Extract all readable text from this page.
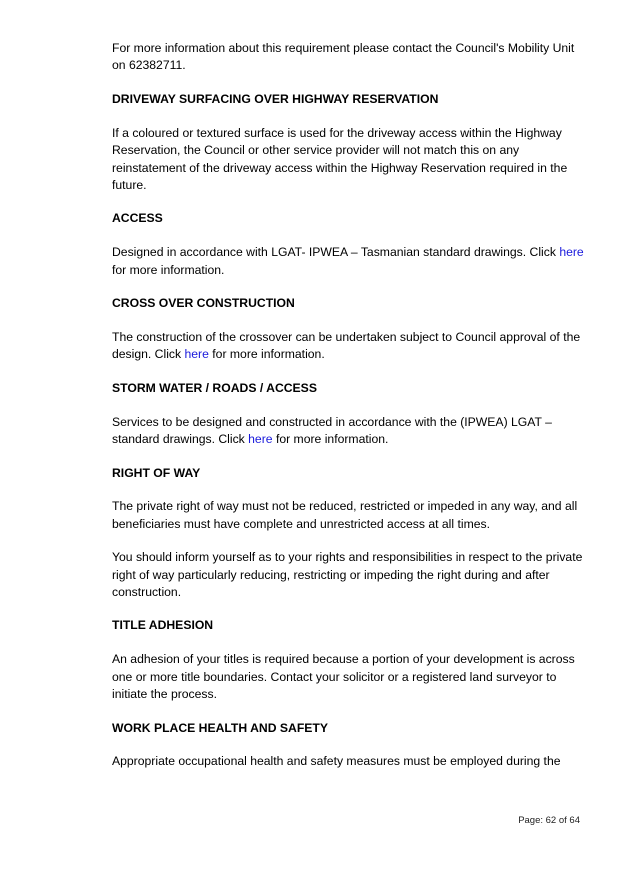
For more information about this requirement please contact the Council's Mobility Unit on 62382711.

DRIVEWAY SURFACING OVER HIGHWAY RESERVATION

If a coloured or textured surface is used for the driveway access within the Highway Reservation, the Council or other service provider will not match this on any reinstatement of the driveway access within the Highway Reservation required in the future.

ACCESS

Designed in accordance with LGAT- IPWEA – Tasmanian standard drawings. Click here for more information.

CROSS OVER CONSTRUCTION

The construction of the crossover can be undertaken subject to Council approval of the design. Click here for more information.

STORM WATER / ROADS / ACCESS

Services to be designed and constructed in accordance with the (IPWEA) LGAT – standard drawings. Click here for more information.

RIGHT OF WAY

The private right of way must not be reduced, restricted or impeded in any way, and all beneficiaries must have complete and unrestricted access at all times.

You should inform yourself as to your rights and responsibilities in respect to the private right of way particularly reducing, restricting or impeding the right during and after construction.

TITLE ADHESION

An adhesion of your titles is required because a portion of your development is across one or more title boundaries. Contact your solicitor or a registered land surveyor to initiate the process.

WORK PLACE HEALTH AND SAFETY

Appropriate occupational health and safety measures must be employed during the

Page: 62 of 64
